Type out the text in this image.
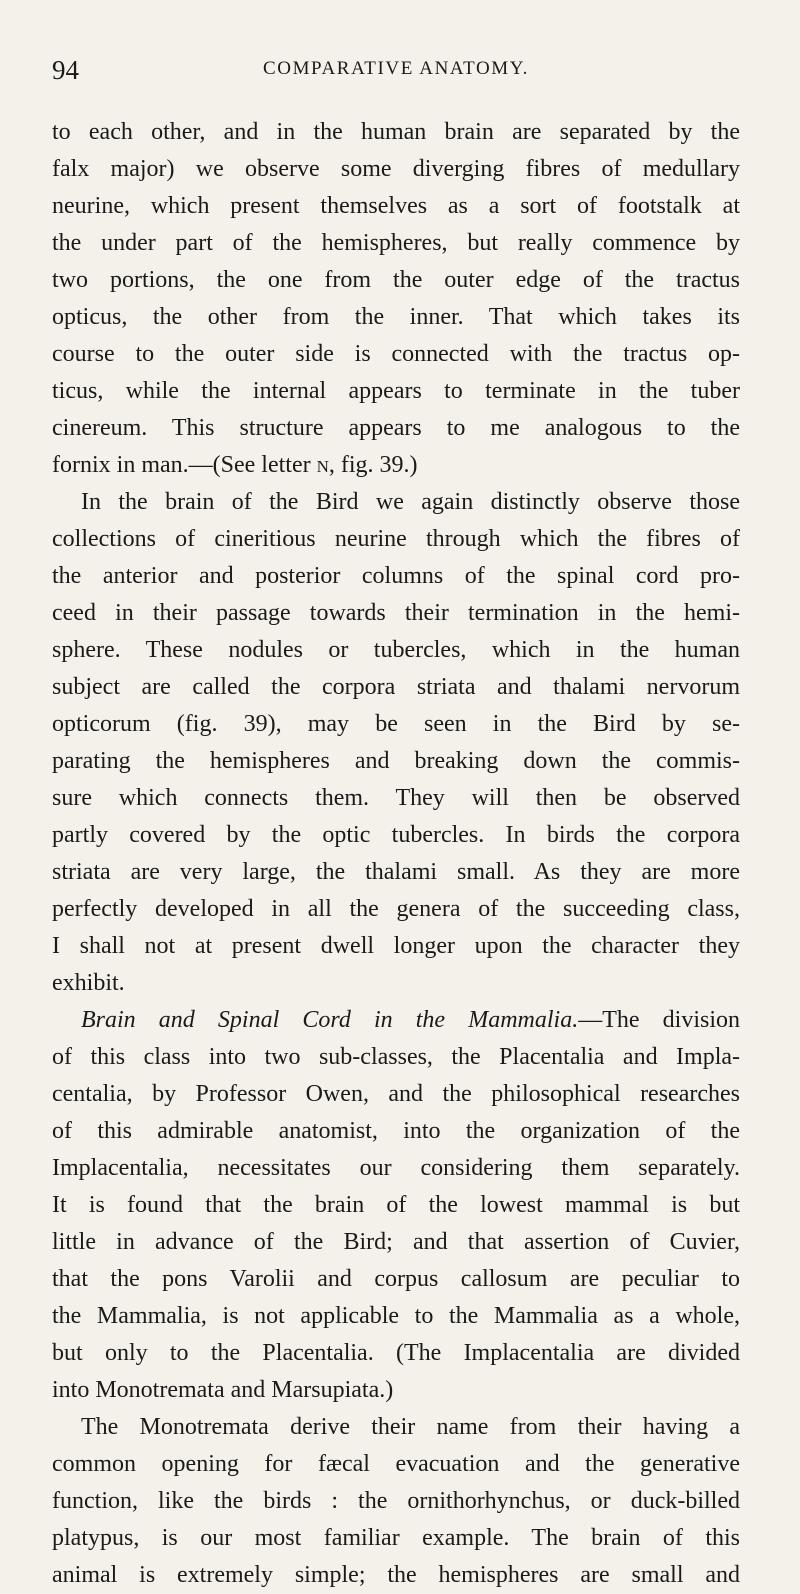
94	COMPARATIVE ANATOMY.
to each other, and in the human brain are separated by the
falx major) we observe some diverging fibres of medullary
neurine, which present themselves as a sort of footstalk at
the under part of the hemispheres, but really commence by
two portions, the one from the outer edge of the tractus
opticus, the other from the inner. That which takes its
course to the outer side is connected with the tractus op-
ticus, while the internal appears to terminate in the tuber
cinereum. This structure appears to me analogous to the
fornix in man.—(See letter n, fig. 39.)
In the brain of the Bird we again distinctly observe those
collections of cineritious neurine through which the fibres of
the anterior and posterior columns of the spinal cord pro-
ceed in their passage towards their termination in the hemi-
sphere. These nodules or tubercles, which in the human
subject are called the corpora striata and thalami nervorum
opticorum (fig. 39), may be seen in the Bird by se-
parating the hemispheres and breaking down the commis-
sure which connects them. They will then be observed
partly covered by the optic tubercles. In birds the corpora
striata are very large, the thalami small. As they are more
perfectly developed in all the genera of the succeeding class,
I shall not at present dwell longer upon the character they
exhibit.
Brain and Spinal Cord in the Mammalia.—The division
of this class into two sub-classes, the Placentalia and Impla-
centalia, by Professor Owen, and the philosophical researches
of this admirable anatomist, into the organization of the
Implacentalia, necessitates our considering them separately.
It is found that the brain of the lowest mammal is but
little in advance of the Bird; and that assertion of Cuvier,
that the pons Varolii and corpus callosum are peculiar to
the Mammalia, is not applicable to the Mammalia as a whole,
but only to the Placentalia. (The Implacentalia are divided
into Monotremata and Marsupiata.)
The Monotremata derive their name from their having a
common opening for fæcal evacuation and the generative
function, like the birds : the ornithorhynchus, or duck-billed
platypus, is our most familiar example. The brain of this
animal is extremely simple; the hemispheres are small and
